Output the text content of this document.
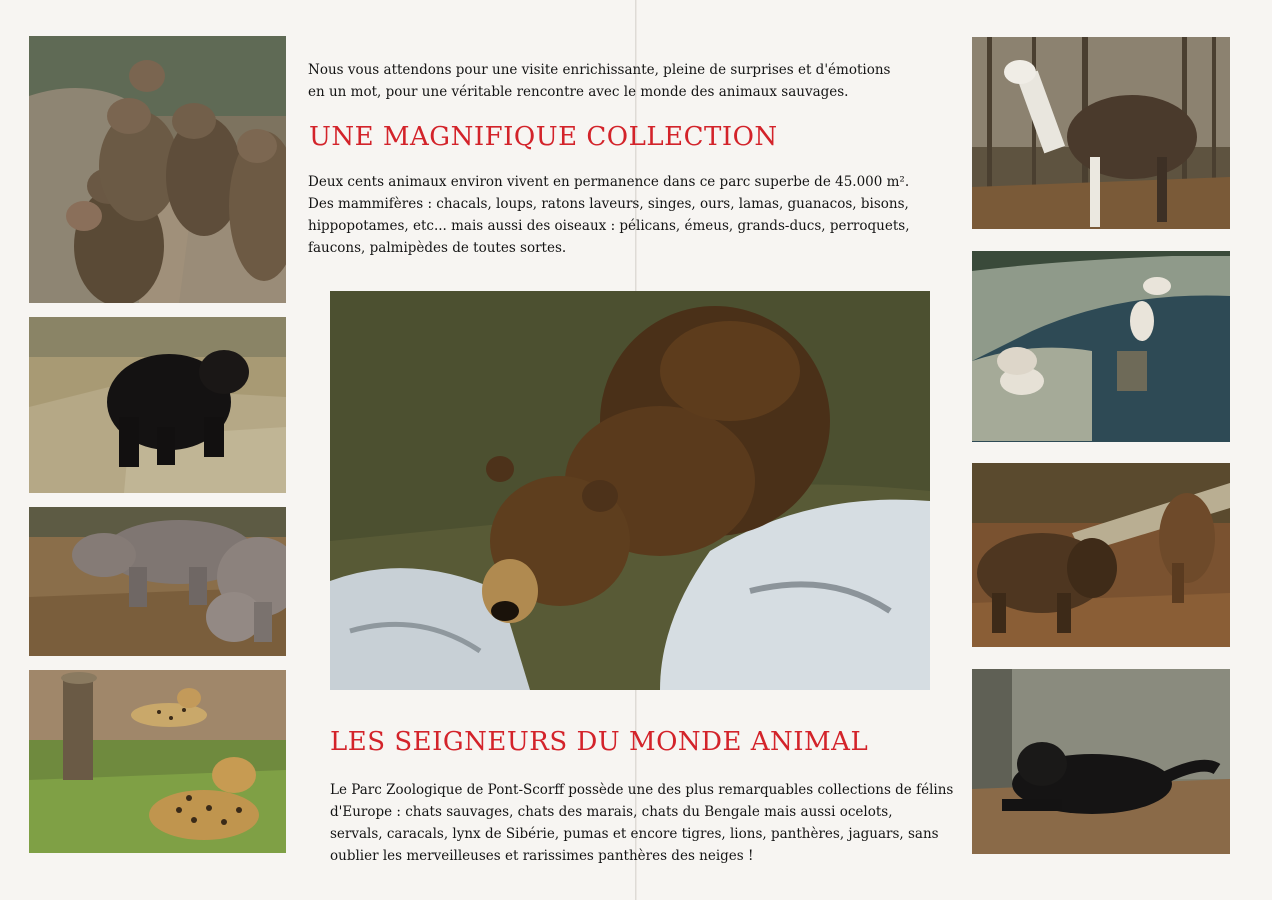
Nous vous attendons pour une visite enrichissante, pleine de surprises et d'émotions
en un mot, pour une véritable rencontre avec le monde des animaux sauvages.
UNE MAGNIFIQUE COLLECTION
Deux cents animaux environ vivent en permanence dans ce parc superbe de 45.000 m².
Des mammifères : chacals, loups, ratons laveurs, singes, ours, lamas, guanacos, bisons,
hippopotames, etc... mais aussi des oiseaux : pélicans, émeus, grands-ducs, perroquets,
faucons, palmipèdes de toutes sortes.
LES SEIGNEURS DU MONDE ANIMAL
Le Parc Zoologique de Pont-Scorff possède une des plus remarquables collections de félins
d'Europe : chats sauvages, chats des marais, chats du Bengale mais aussi ocelots,
servals, caracals, lynx de Sibérie, pumas et encore tigres, lions, panthères, jaguars, sans
oublier les merveilleuses et rarissimes panthères des neiges !
